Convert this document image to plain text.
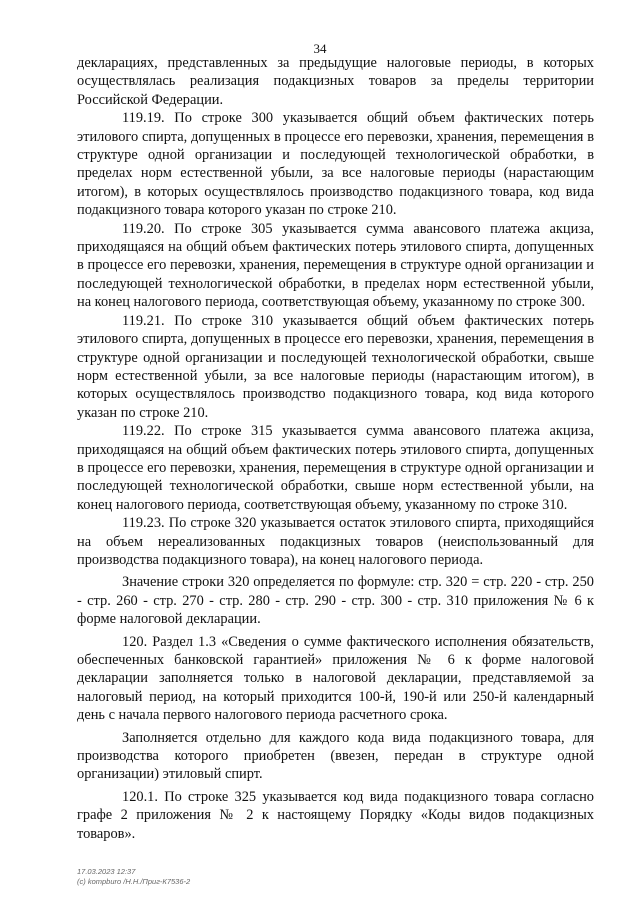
34

декларациях, представленных за предыдущие налоговые периоды, в которых осуществлялась реализация подакцизных товаров за пределы территории Российской Федерации.

119.19. По строке 300 указывается общий объем фактических потерь этилового спирта, допущенных в процессе его перевозки, хранения, перемещения в структуре одной организации и последующей технологической обработки, в пределах норм естественной убыли, за все налоговые периоды (нарастающим итогом), в которых осуществлялось производство подакцизного товара, код вида подакцизного товара которого указан по строке 210.

119.20. По строке 305 указывается сумма авансового платежа акциза, приходящаяся на общий объем фактических потерь этилового спирта, допущенных в процессе его перевозки, хранения, перемещения в структуре одной организации и последующей технологической обработки, в пределах норм естественной убыли, на конец налогового периода, соответствующая объему, указанному по строке 300.

119.21. По строке 310 указывается общий объем фактических потерь этилового спирта, допущенных в процессе его перевозки, хранения, перемещения в структуре одной организации и последующей технологической обработки, свыше норм естественной убыли, за все налоговые периоды (нарастающим итогом), в которых осуществлялось производство подакцизного товара, код вида которого указан по строке 210.

119.22. По строке 315 указывается сумма авансового платежа акциза, приходящаяся на общий объем фактических потерь этилового спирта, допущенных в процессе его перевозки, хранения, перемещения в структуре одной организации и последующей технологической обработки, свыше норм естественной убыли, на конец налогового периода, соответствующая объему, указанному по строке 310.

119.23. По строке 320 указывается остаток этилового спирта, приходящийся на объем нереализованных подакцизных товаров (неиспользованный для производства подакцизного товара), на конец налогового периода.

Значение строки 320 определяется по формуле: стр. 320 = стр. 220 - стр. 250 - стр. 260 - стр. 270 - стр. 280 - стр. 290 - стр. 300 - стр. 310 приложения № 6 к форме налоговой декларации.

120. Раздел 1.3 «Сведения о сумме фактического исполнения обязательств, обеспеченных банковской гарантией» приложения № 6 к форме налоговой декларации заполняется только в налоговой декларации, представляемой за налоговый период, на который приходится 100-й, 190-й или 250-й календарный день с начала первого налогового периода расчетного срока.

Заполняется отдельно для каждого кода вида подакцизного товара, для производства которого приобретен (ввезен, передан в структуре одной организации) этиловый спирт.

120.1. По строке 325 указывается код вида подакцизного товара согласно графе 2 приложения № 2 к настоящему Порядку «Коды видов подакцизных товаров».

17.03.2023 12:37
(с) kompburo /Н.Н./Приг-К7536-2
